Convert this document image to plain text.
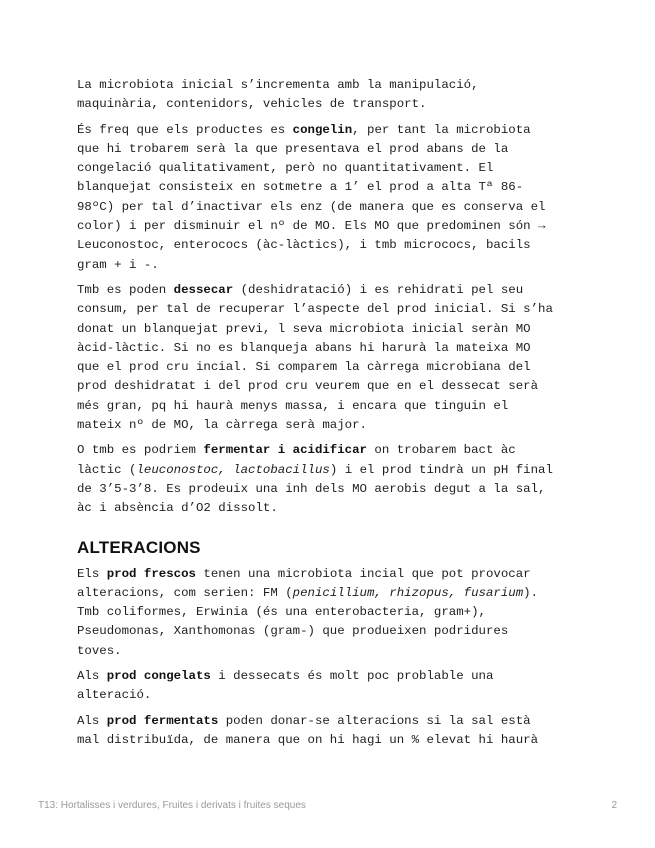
La microbiota inicial s’incrementa amb la manipulació,
maquinària, contenidors, vehicles de transport.

És freq que els productes es congelin, per tant la microbiota
que hi trobarem serà la que presentava el prod abans de la
congelació qualitativament, però no quantitativament. El
blanquejat consisteix en sotmetre a 1’ el prod a alta Tª 86-
98ºC) per tal d’inactivar els enz (de manera que es conserva el
color) i per disminuir el nº de MO. Els MO que predominen són →
Leuconostoc, enterococs (àc-làctics), i tmb micrococs, bacils
gram + i -.

Tmb es poden dessecar (deshidratació) i es rehidrati pel seu
consum, per tal de recuperar l’aspecte del prod inicial. Si s’ha
donat un blanquejat previ, l seva microbiota inicial seràn MO
àcid-làctic. Si no es blanqueja abans hi harurà la mateixa MO
que el prod cru incial. Si comparem la càrrega microbiana del
prod deshidratat i del prod cru veurem que en el dessecat serà
més gran, pq hi haurà menys massa, i encara que tinguin el
mateix nº de MO, la càrrega serà major.

O tmb es podriem fermentar i acidificar on trobarem bact àc
làctic (leuconostoc, lactobacillus) i el prod tindrà un pH final
de 3’5-3’8. Es prodeuix una inh dels MO aerobis degut a la sal,
àc i absència d’O2 dissolt.

ALTERACIONS

Els prod frescos tenen una microbiota incial que pot provocar
alteracions, com serien: FM (penicillium, rhizopus, fusarium).
Tmb coliformes, Erwinia (és una enterobacteria, gram+),
Pseudomonas, Xanthomonas (gram-) que produeixen podridures
toves.

Als prod congelats i dessecats és molt poc problable una
alteració.

Als prod fermentats poden donar-se alteracions si la sal està
mal distribuïda, de manera que on hi hagi un % elevat hi haurà

T13: Hortalisses i verdures, Fruites i derivats i fruites seques	2
